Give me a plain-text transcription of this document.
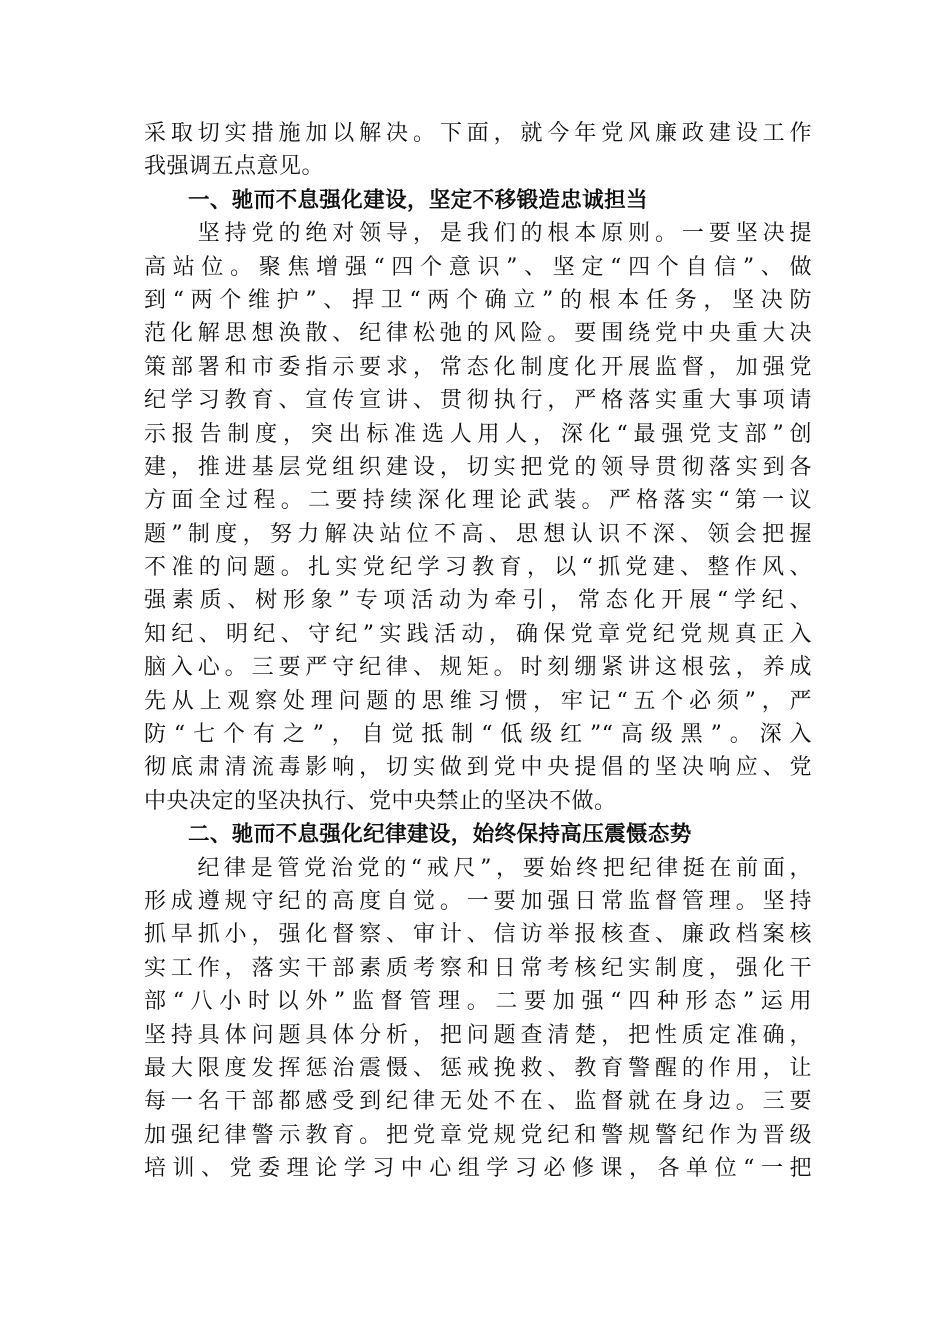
采取切实措施加以解决。下面，就今年党风廉政建设工作
我强调五点意见。
一、驰而不息强化建设，坚定不移锻造忠诚担当
　　坚持党的绝对领导，是我们的根本原则。一要坚决提
高站位。聚焦增强“四个意识”、坚定“四个自信”、做
到“两个维护”、捍卫“两个确立”的根本任务，坚决防
范化解思想涣散、纪律松弛的风险。要围绕党中央重大决
策部署和市委指示要求，常态化制度化开展监督，加强党
纪学习教育、宣传宣讲、贯彻执行，严格落实重大事项请
示报告制度，突出标准选人用人，深化“最强党支部”创
建，推进基层党组织建设，切实把党的领导贯彻落实到各
方面全过程。二要持续深化理论武装。严格落实“第一议
题”制度，努力解决站位不高、思想认识不深、领会把握
不准的问题。扎实党纪学习教育，以“抓党建、整作风、
强素质、树形象”专项活动为牵引，常态化开展“学纪、
知纪、明纪、守纪”实践活动，确保党章党纪党规真正入
脑入心。三要严守纪律、规矩。时刻绷紧讲这根弦，养成
先从上观察处理问题的思维习惯，牢记“五个必须”，严
防“七个有之”，自觉抵制“低级红”“高级黑”。深入
彻底肃清流毒影响，切实做到党中央提倡的坚决响应、党
中央决定的坚决执行、党中央禁止的坚决不做。
二、驰而不息强化纪律建设，始终保持高压震慑态势
　　纪律是管党治党的“戒尺”，要始终把纪律挺在前面，
形成遵规守纪的高度自觉。一要加强日常监督管理。坚持
抓早抓小，强化督察、审计、信访举报核查、廉政档案核
实工作，落实干部素质考察和日常考核纪实制度，强化干
部“八小时以外”监督管理。二要加强“四种形态”运用
坚持具体问题具体分析，把问题查清楚，把性质定准确，
最大限度发挥惩治震慑、惩戒挽救、教育警醒的作用，让
每一名干部都感受到纪律无处不在、监督就在身边。三要
加强纪律警示教育。把党章党规党纪和警规警纪作为晋级
培训、党委理论学习中心组学习必修课，各单位“一把
